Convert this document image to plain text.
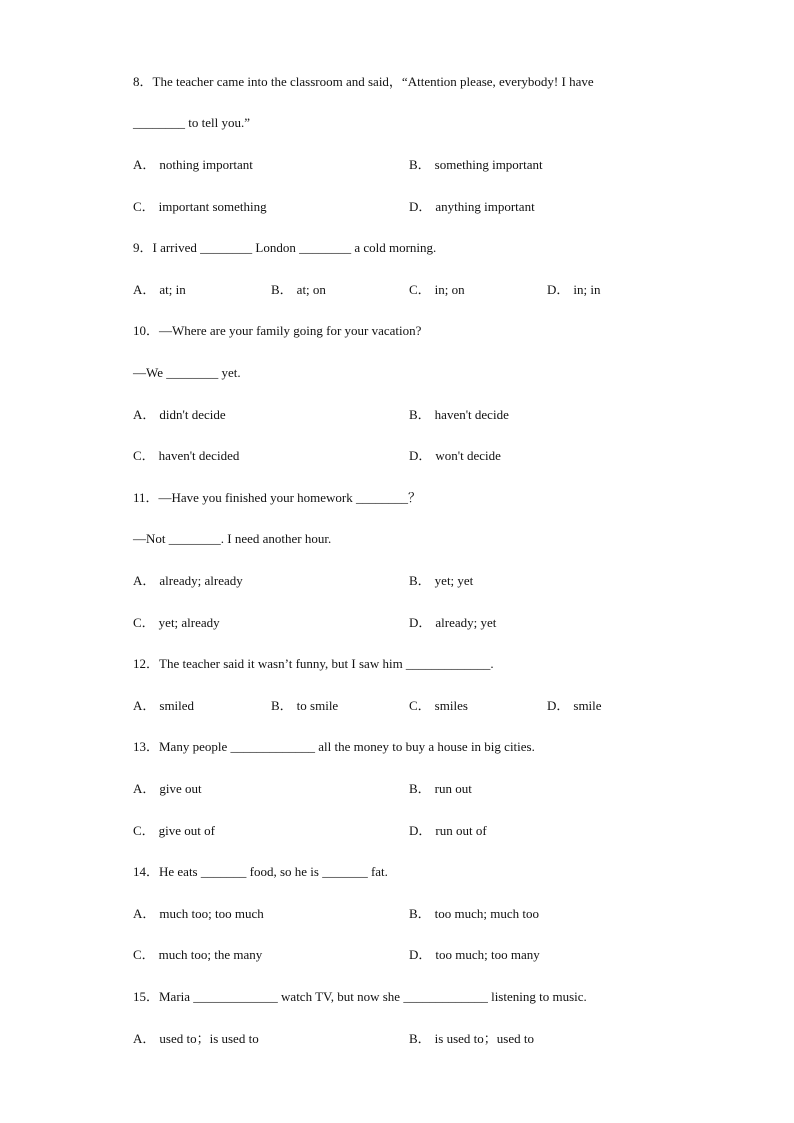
8．The teacher came into the classroom and said，“Attention please, everybody! I have
________ to tell you.”
A． nothing important	B． something important
C． important something	D． anything important
9．I arrived ________ London ________ a cold morning.
A． at; in	B． at; on	C． in; on	D． in; in
10．—Where are your family going for your vacation?
—We ________ yet.
A． didn't decide	B． haven't decide
C． haven't decided	D． won't decide
11．—Have you finished your homework ________？
—Not ________. I need another hour.
A． already; already	B． yet; yet
C． yet; already	D． already; yet
12．The teacher said it wasn’t funny, but I saw him _____________.
A． smiled	B． to smile	C． smiles	D． smile
13．Many people _____________ all the money to buy a house in big cities.
A． give out	B． run out
C． give out of	D． run out of
14．He eats _______ food, so he is _______ fat.
A． much too; too much	B． too much; much too
C． much too; the many	D． too much; too many
15．Maria _____________ watch TV, but now she _____________ listening to music.
A． used to；is used to	B． is used to；used to
